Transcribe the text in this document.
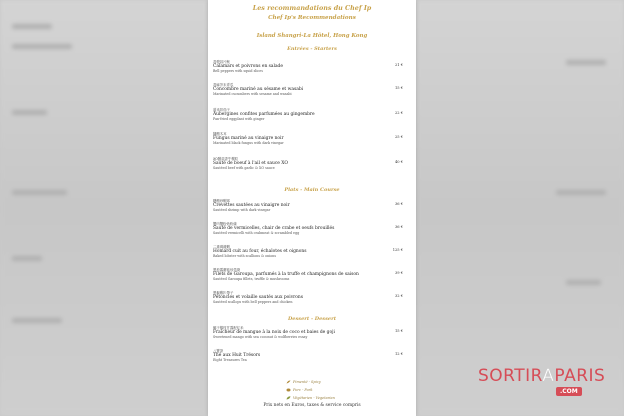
Les recommandations du Chef Ip
Chef Ip's Recommendations
Island Shangri-La Hôtel, Hong Kong
Entrées - Starters
香橙蒜片鱿
Calamars et poivrons en salade
Bell peppers with squid slices
21 €
香麻芥末青瓜
Concombre mariné au sésame et wasabi
Marinated cucumbers with sesame and wasabi
15 €
薑米拌茄子
Aubergines confites parfumées au gingembre
Pan-fried eggplant with ginger
22 €
陳醋木耳
Fungus mariné au vinaigre noir
Marinated black fungus with dark vinegar
25 €
XO醬蒜香牛柳粒
Sauté de boeuf à l'ail et sauce XO
Sautéed beef with garlic & XO sauce
40 €
Plats - Main Course
糖醋炒蝦球
Crevettes sautées au vinaigre noir
Sautéed shrimp with dark vinegar
36 €
蟹肉蟹粉炒粉絲
Sauté de vermicelles, chair de crabe et oeufs brouillés
Sautéed vermicelli with crabmeat & scrambled egg
36 €
二重焗龍蝦
Homard cuit au four, échalotes et oignons
Baked lobster with scallions & onions
125 €
黑松露蘑菇炒蒸斑
Filets de Garoupa, parfumés à la truffe et champignons de saison
Sautéed Garoupa fillets, truffle & mushrooms
39 €
黑椒雞扒帶子
Pétoncles et volaille sautés aux poivrons
Sautéed scallops with bell peppers and chicken
32 €
Dessert - Dessert
椰子楊枝甘露配紅米
Fraîcheur de mangue à la noix de coco et baies de goji
Sweetened mango with sea coconut & wolfberries essay
15 €
八寶茶
Thé aux Huit Trésors
Eight Treasures Tea
12 €
Pimenté - Spicy
Porc - Pork
Végétarien - Vegetarian
Prix nets en Euros, taxes & service compris
SORTIRAPARIS
.COM
